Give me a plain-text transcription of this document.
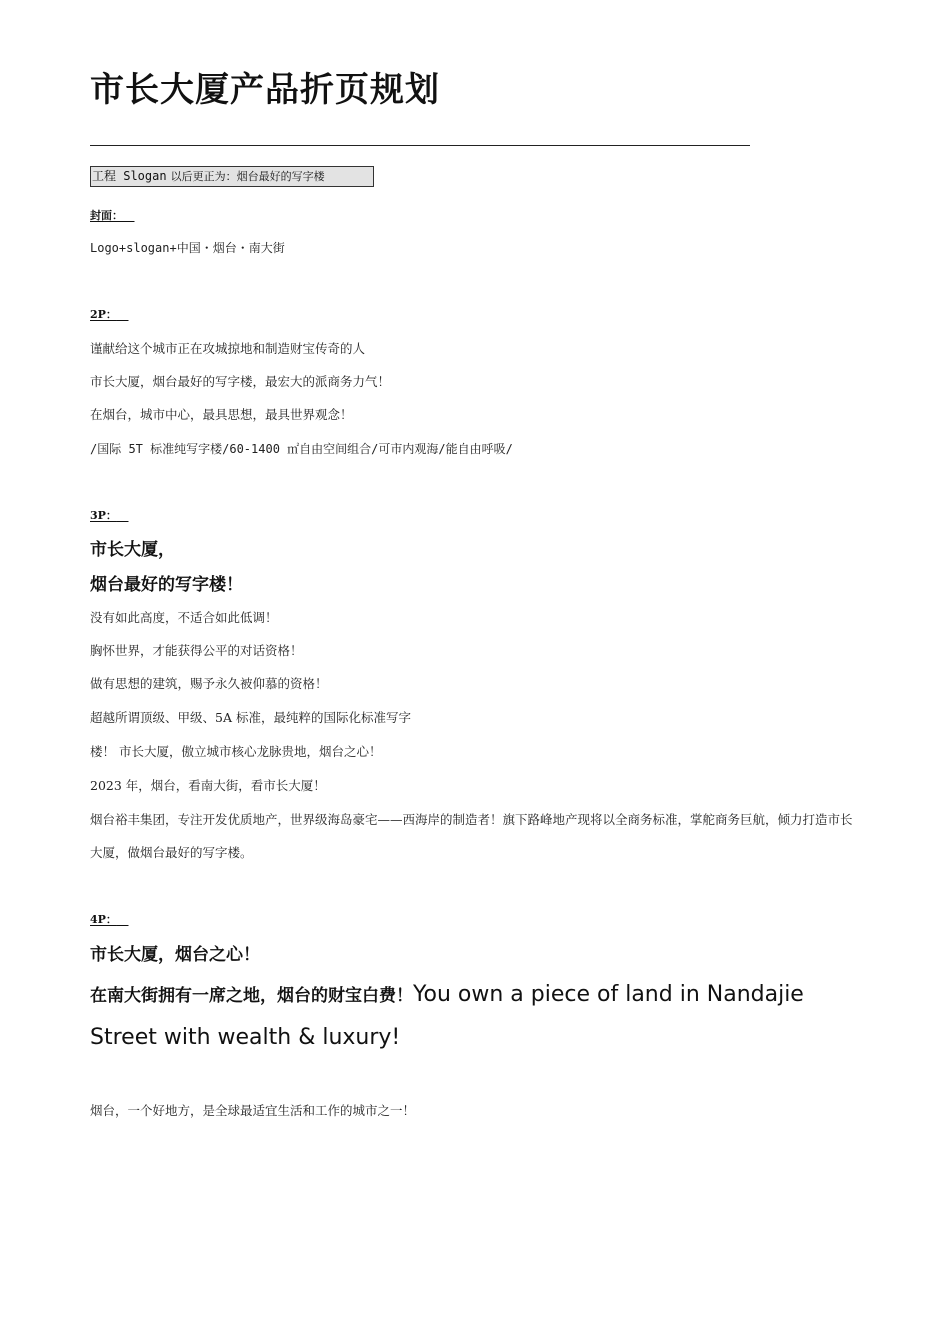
市长大厦产品折页规划
工程 Slogan 以后更正为：烟台最好的写字楼
封面：
Logo+slogan+中国・烟台・南大街
2P：
谨献给这个城市正在攻城掠地和制造财宝传奇的人
市长大厦，烟台最好的写字楼，最宏大的派商务力气！
在烟台，城市中心，最具思想，最具世界观念！
/国际 5T 标准纯写字楼/60-1400 ㎡自由空间组合/可市内观海/能自由呼吸/
3P：
市长大厦，
烟台最好的写字楼！
没有如此高度，不适合如此低调！
胸怀世界，才能获得公平的对话资格！
做有思想的建筑，赐予永久被仰慕的资格！
超越所谓顶级、甲级、5A 标准，最纯粹的国际化标准写字
楼！ 市长大厦，傲立城市核心龙脉贵地，烟台之心！
2023 年，烟台，看南大街，看市长大厦！
烟台裕丰集团，专注开发优质地产，世界级海岛豪宅——西海岸的制造者！旗下路峰地产现将以全商务标准，掌舵商务巨航，倾力打造市长大厦，做烟台最好的写字楼。
4P：
市长大厦，烟台之心！
在南大街拥有一席之地，烟台的财宝白费！You own a piece of land in Nandajie Street with wealth & luxury!
烟台，一个好地方，是全球最适宜生活和工作的城市之一！
